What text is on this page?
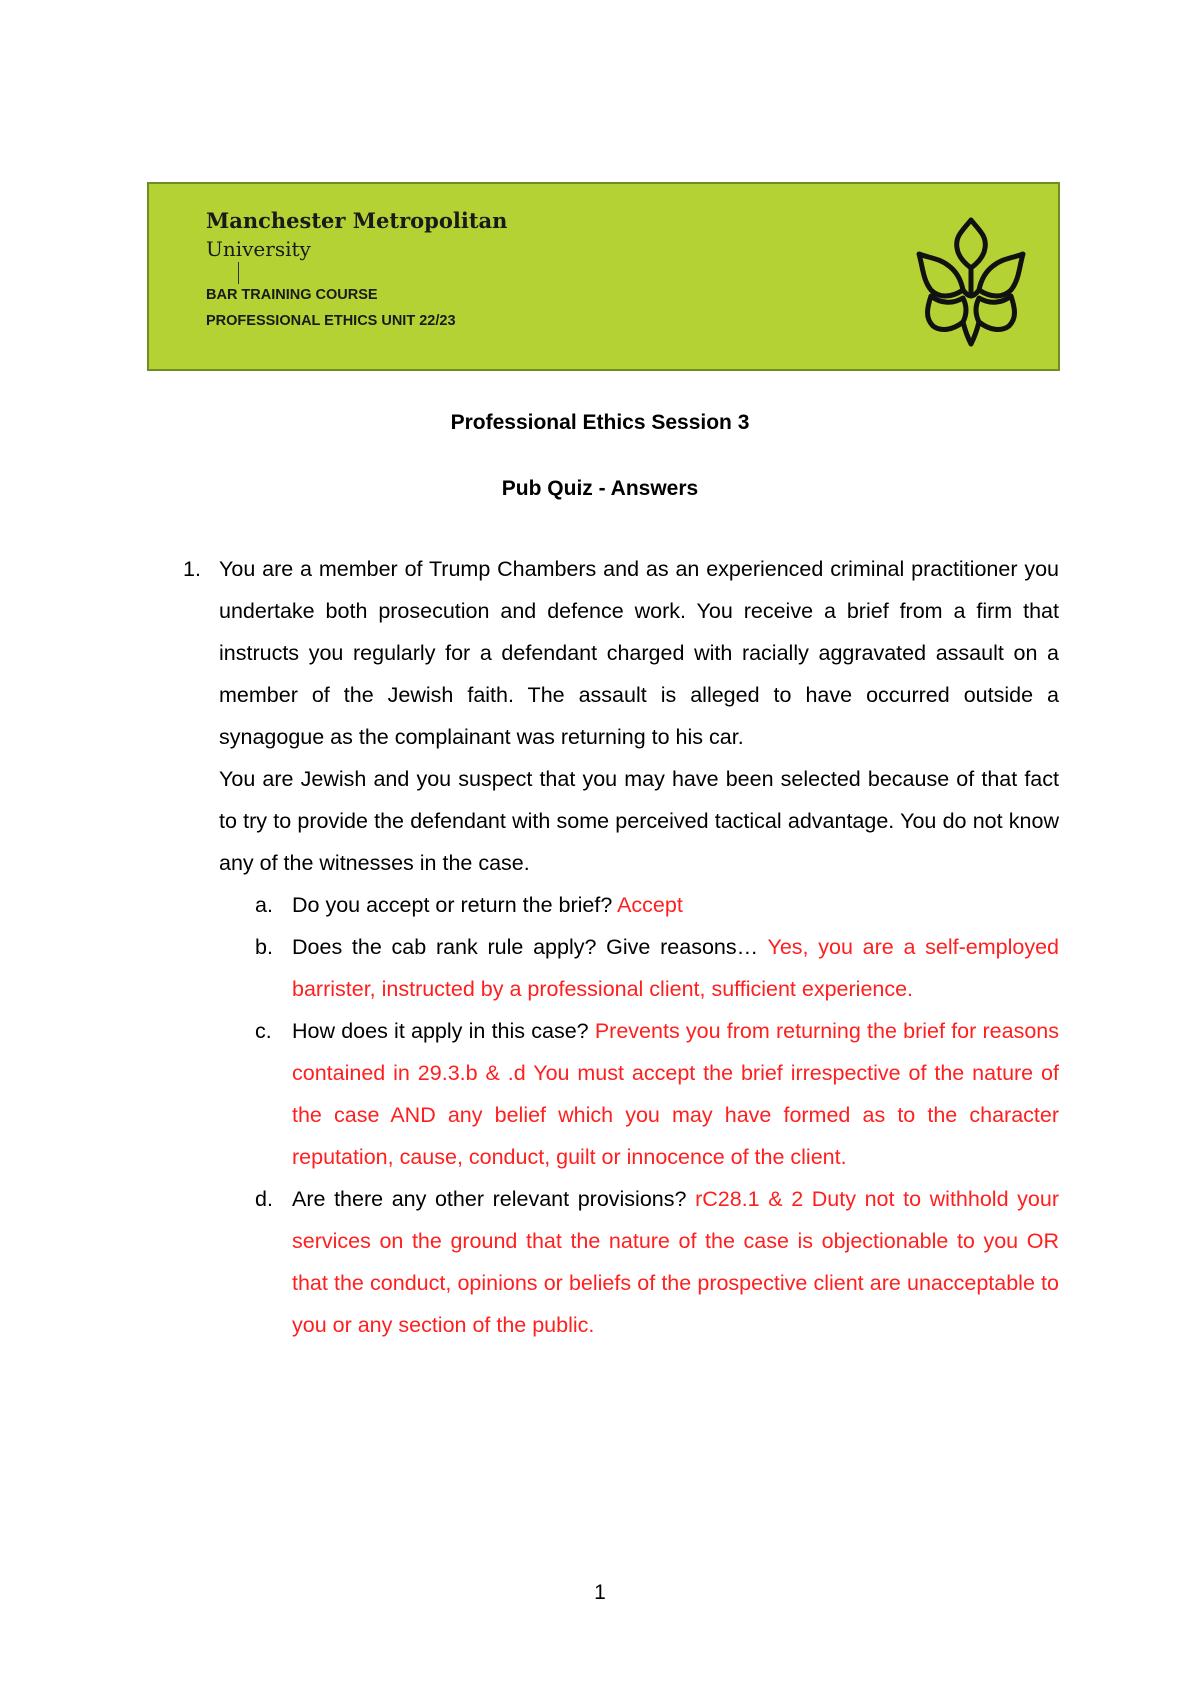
Manchester Metropolitan
University
BAR TRAINING COURSE
PROFESSIONAL ETHICS UNIT 22/23
Professional Ethics Session 3
Pub Quiz - Answers
1. You are a member of Trump Chambers and as an experienced criminal practitioner you undertake both prosecution and defence work. You receive a brief from a firm that instructs you regularly for a defendant charged with racially aggravated assault on a member of the Jewish faith. The assault is alleged to have occurred outside a synagogue as the complainant was returning to his car.

You are Jewish and you suspect that you may have been selected because of that fact to try to provide the defendant with some perceived tactical advantage. You do not know any of the witnesses in the case.

a. Do you accept or return the brief? Accept
b. Does the cab rank rule apply? Give reasons… Yes, you are a self-employed barrister, instructed by a professional client, sufficient experience.
c. How does it apply in this case? Prevents you from returning the brief for reasons contained in 29.3.b & .d You must accept the brief irrespective of the nature of the case AND any belief which you may have formed as to the character reputation, cause, conduct, guilt or innocence of the client.
d. Are there any other relevant provisions? rC28.1 & 2 Duty not to withhold your services on the ground that the nature of the case is objectionable to you OR that the conduct, opinions or beliefs of the prospective client are unacceptable to you or any section of the public.
1
